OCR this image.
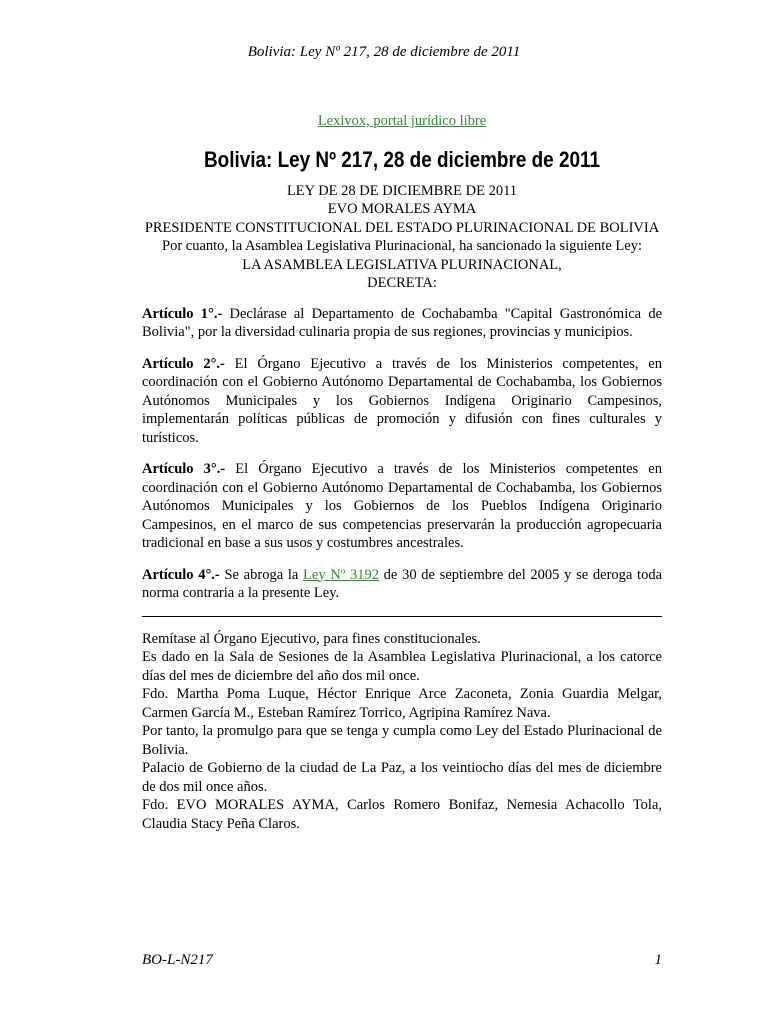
Bolivia: Ley Nº 217, 28 de diciembre de 2011
Lexivox, portal jurídico libre
Bolivia: Ley Nº 217, 28 de diciembre de 2011
LEY DE 28 DE DICIEMBRE DE 2011
EVO MORALES AYMA
PRESIDENTE CONSTITUCIONAL DEL ESTADO PLURINACIONAL DE BOLIVIA
Por cuanto, la Asamblea Legislativa Plurinacional, ha sancionado la siguiente Ley:
LA ASAMBLEA LEGISLATIVA PLURINACIONAL,
DECRETA:
Artículo 1°.- Declárase al Departamento de Cochabamba "Capital Gastronómica de Bolivia", por la diversidad culinaria propia de sus regiones, provincias y municipios.
Artículo 2°.- El Órgano Ejecutivo a través de los Ministerios competentes, en coordinación con el Gobierno Autónomo Departamental de Cochabamba, los Gobiernos Autónomos Municipales y los Gobiernos Indígena Originario Campesinos, implementarán políticas públicas de promoción y difusión con fines culturales y turísticos.
Artículo 3°.- El Órgano Ejecutivo a través de los Ministerios competentes en coordinación con el Gobierno Autónomo Departamental de Cochabamba, los Gobiernos Autónomos Municipales y los Gobiernos de los Pueblos Indígena Originario Campesinos, en el marco de sus competencias preservarán la producción agropecuaria tradicional en base a sus usos y costumbres ancestrales.
Artículo 4°.- Se abroga la Ley Nº 3192 de 30 de septiembre del 2005 y se deroga toda norma contraria a la presente Ley.
Remítase al Órgano Ejecutivo, para fines constitucionales.
Es dado en la Sala de Sesiones de la Asamblea Legislativa Plurinacional, a los catorce días del mes de diciembre del año dos mil once.
Fdo. Martha Poma Luque, Héctor Enrique Arce Zaconeta, Zonia Guardia Melgar, Carmen García M., Esteban Ramírez Torrico, Agripina Ramírez Nava.
Por tanto, la promulgo para que se tenga y cumpla como Ley del Estado Plurinacional de Bolivia.
Palacio de Gobierno de la ciudad de La Paz, a los veintiocho días del mes de diciembre de dos mil once años.
Fdo. EVO MORALES AYMA, Carlos Romero Bonifaz, Nemesia Achacollo Tola, Claudia Stacy Peña Claros.
BO-L-N217	1
